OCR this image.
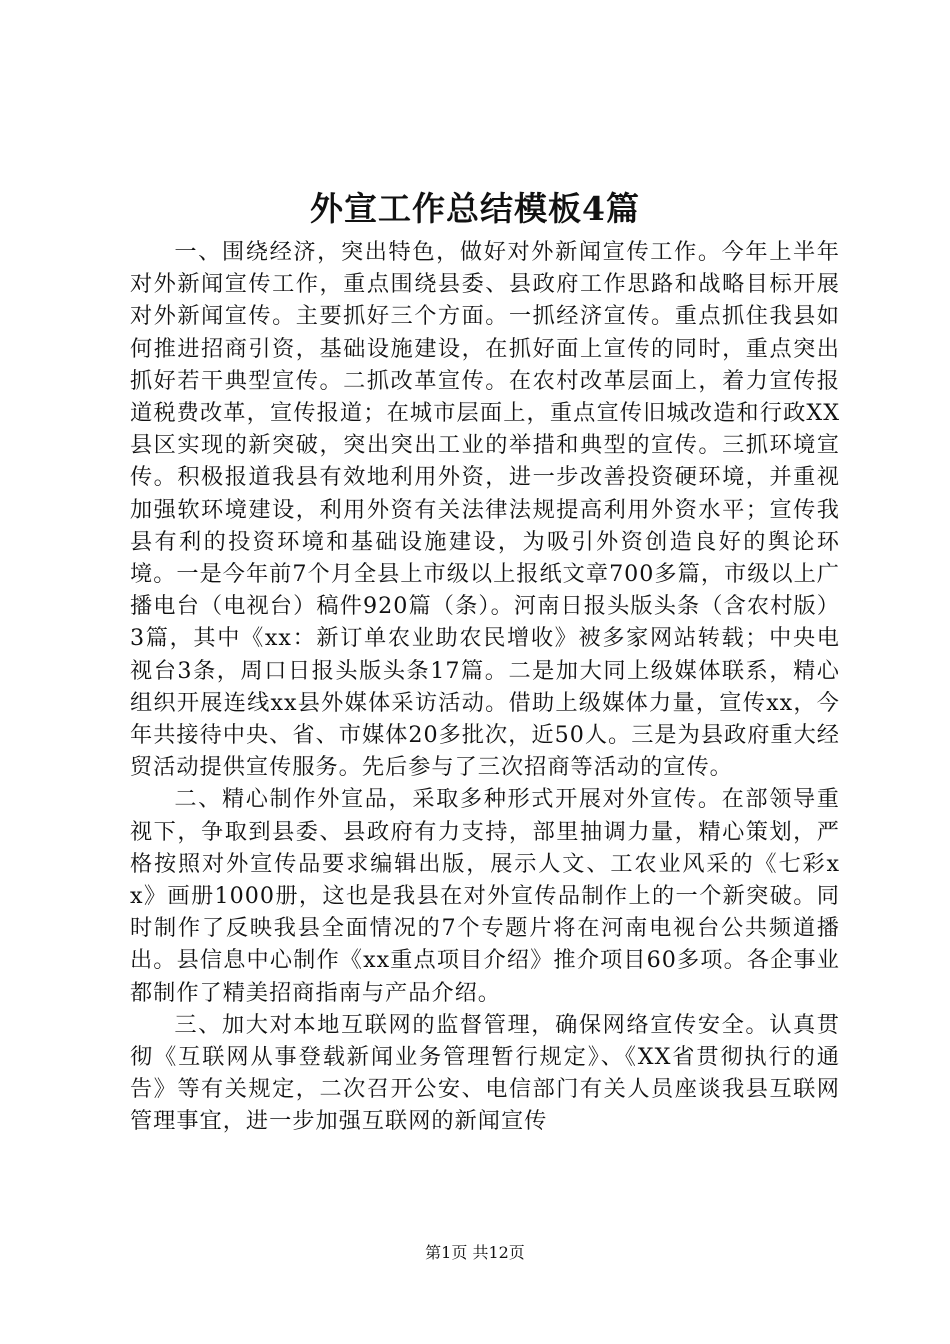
外宣工作总结模板4篇

一、围绕经济，突出特色，做好对外新闻宣传工作。今年上半年对外新闻宣传工作，重点围绕县委、县政府工作思路和战略目标开展对外新闻宣传。主要抓好三个方面。一抓经济宣传。重点抓住我县如何推进招商引资，基础设施建设，在抓好面上宣传的同时，重点突出抓好若干典型宣传。二抓改革宣传。在农村改革层面上，着力宣传报道税费改革，宣传报道；在城市层面上，重点宣传旧城改造和行政XX县区实现的新突破，突出突出工业的举措和典型的宣传。三抓环境宣传。积极报道我县有效地利用外资，进一步改善投资硬环境，并重视加强软环境建设，利用外资有关法律法规提高利用外资水平；宣传我县有利的投资环境和基础设施建设，为吸引外资创造良好的舆论环境。一是今年前7个月全县上市级以上报纸文章700多篇，市级以上广播电台（电视台）稿件920篇（条）。河南日报头版头条（含农村版）3篇，其中《xx：新订单农业助农民增收》被多家网站转载；中央电视台3条，周口日报头版头条17篇。二是加大同上级媒体联系，精心组织开展连线xx县外媒体采访活动。借助上级媒体力量，宣传xx，今年共接待中央、省、市媒体20多批次，近50人。三是为县政府重大经贸活动提供宣传服务。先后参与了三次招商等活动的宣传。

二、精心制作外宣品，采取多种形式开展对外宣传。在部领导重视下，争取到县委、县政府有力支持，部里抽调力量，精心策划，严格按照对外宣传品要求编辑出版，展示人文、工农业风采的《七彩xx》画册1000册，这也是我县在对外宣传品制作上的一个新突破。同时制作了反映我县全面情况的7个专题片将在河南电视台公共频道播出。县信息中心制作《xx重点项目介绍》推介项目60多项。各企事业都制作了精美招商指南与产品介绍。

三、加大对本地互联网的监督管理，确保网络宣传安全。认真贯彻《互联网从事登载新闻业务管理暂行规定》、《XX省贯彻执行的通告》等有关规定，二次召开公安、电信部门有关人员座谈我县互联网管理事宜，进一步加强互联网的新闻宣传

第1页 共12页
